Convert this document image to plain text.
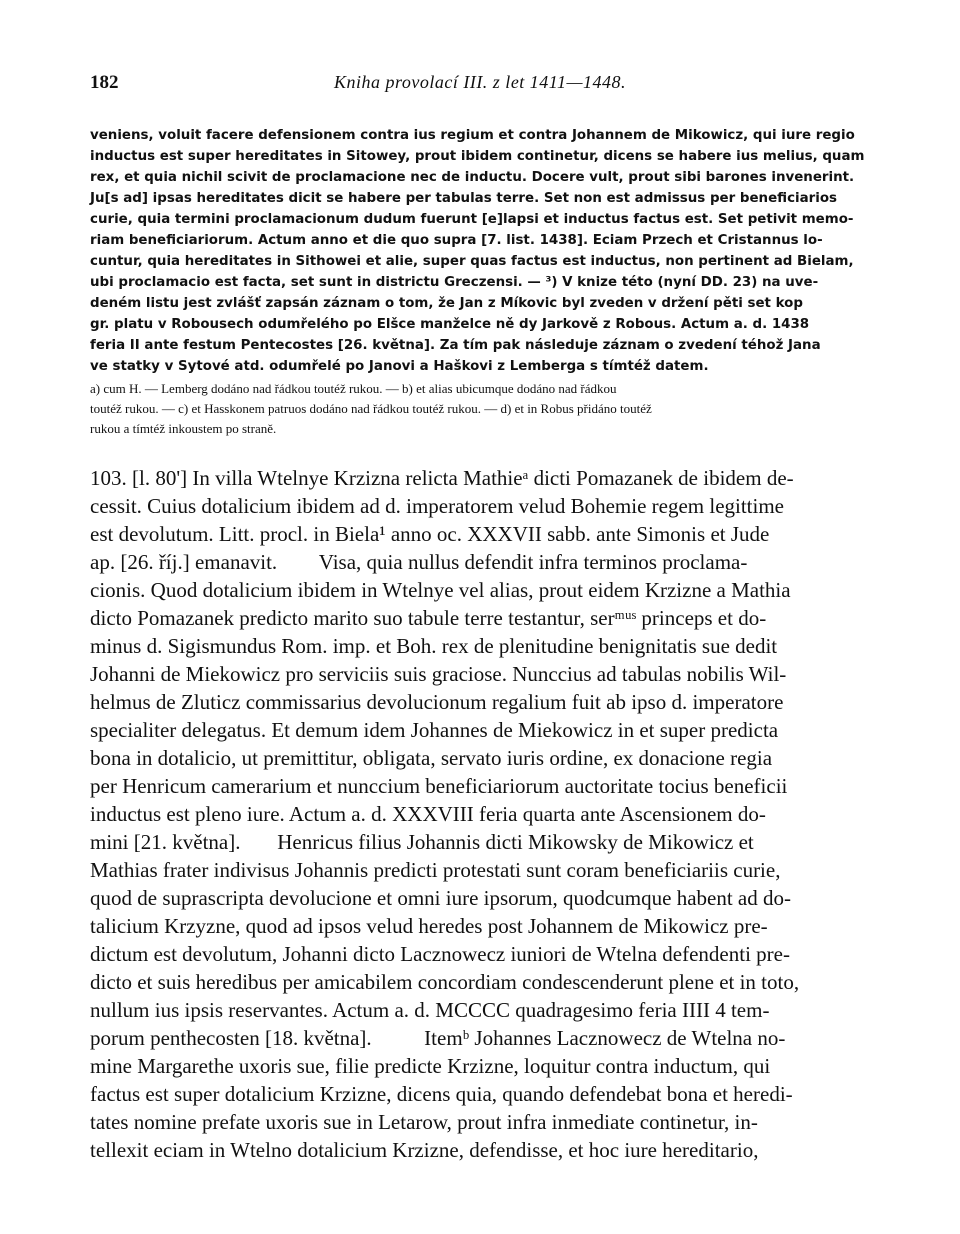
182	Kniha provolací III. z let 1411—1448.
veniens, voluit facere defensionem contra ius regium et contra Johannem de Mikowicz, qui iure regio
inductus est super hereditates in Sitowey, prout ibidem continetur, dicens se habere ius melius, quam
rex, et quia nichil scivit de proclamacione nec de inductu. Docere vult, prout sibi barones invenerint.
Ju[s ad] ipsas hereditates dicit se habere per tabulas terre. Set non est admissus per beneficiarios
curie, quia termini proclamacionum dudum fuerunt [e]lapsi et inductus factus est. Set petivit memo-
riam beneficiariorum. Actum anno et die quo supra [7. list. 1438]. Eciam Przech et Cristannus lo-
cuntur, quia hereditates in Sithowei et alie, super quas factus est inductus, non pertinent ad Bielam,
ubi proclamacio est facta, set sunt in districtu Greczensi. — ³) V knize této (nyní DD. 23) na uve-
deném listu jest zvlášť zapsán záznam o tom, že Jan z Míkovic byl zveden v držení pěti set kop
gr. platu v Robousech odumřelého po Elšce manželce ně dy Jarkově z Robous. Actum a. d. 1438
feria II ante festum Pentecostes [26. května]. Za tím pak následuje záznam o zvedení téhož Jana
ve statky v Sytové atd. odumřelé po Janovi a Haškovi z Lemberga s tímtéž datem.
a) cum H. — Lemberg dodáno nad řádkou toutéž rukou. — b) et alias ubicumque dodáno nad řádkou
toutéž rukou. — c) et Hasskonem patruos dodáno nad řádkou toutéž rukou. — d) et in Robus přidáno toutéž
rukou a tímtéž inkoustem po straně.
103. [l. 80'] In villa Wtelnye Krzizna relicta Mathieᵃ dicti Pomazanek de ibidem de-
cessit. Cuius dotalicium ibidem ad d. imperatorem velud Bohemie regem legittime
est devolutum. Litt. procl. in Biela¹ anno oc. XXXVII sabb. ante Simonis et Jude
ap. [26. říj.] emanavit.        Visa, quia nullus defendit infra terminos proclama-
cionis. Quod dotalicium ibidem in Wtelnye vel alias, prout eidem Krzizne a Mathia
dicto Pomazanek predicto marito suo tabule terre testantur, serᵐᵘˢ princeps et do-
minus d. Sigismundus Rom. imp. et Boh. rex de plenitudine benignitatis sue dedit
Johanni de Miekowicz pro serviciis suis graciose. Nunccius ad tabulas nobilis Wil-
helmus de Zluticz commissarius devolucionum regalium fuit ab ipso d. imperatore
specialiter delegatus. Et demum idem Johannes de Miekowicz in et super predicta
bona in dotalicio, ut premittitur, obligata, servato iuris ordine, ex donacione regia
per Henricum camerarium et nunccium beneficiariorum auctoritate tocius beneficii
inductus est pleno iure. Actum a. d. XXXVIII feria quarta ante Ascensionem do-
mini [21. května].       Henricus filius Johannis dicti Mikowsky de Mikowicz et
Mathias frater indivisus Johannis predicti protestati sunt coram beneficiariis curie,
quod de suprascripta devolucione et omni iure ipsorum, quodcumque habent ad do-
talicium Krzyzne, quod ad ipsos velud heredes post Johannem de Mikowicz pre-
dictum est devolutum, Johanni dicto Lacznowecz iuniori de Wtelna defendenti pre-
dicto et suis heredibus per amicabilem concordiam condescenderunt plene et in toto,
nullum ius ipsis reservantes. Actum a. d. MCCCC quadragesimo feria IIII 4 tem-
porum penthecosten [18. května].          Itemᵇ Johannes Lacznowecz de Wtelna no-
mine Margarethe uxoris sue, filie predicte Krzizne, loquitur contra inductum, qui
factus est super dotalicium Krzizne, dicens quia, quando defendebat bona et heredi-
tates nomine prefate uxoris sue in Letarow, prout infra inmediate continetur, in-
tellexit eciam in Wtelno dotalicium Krzizne, defendisse, et hoc iure hereditario,
